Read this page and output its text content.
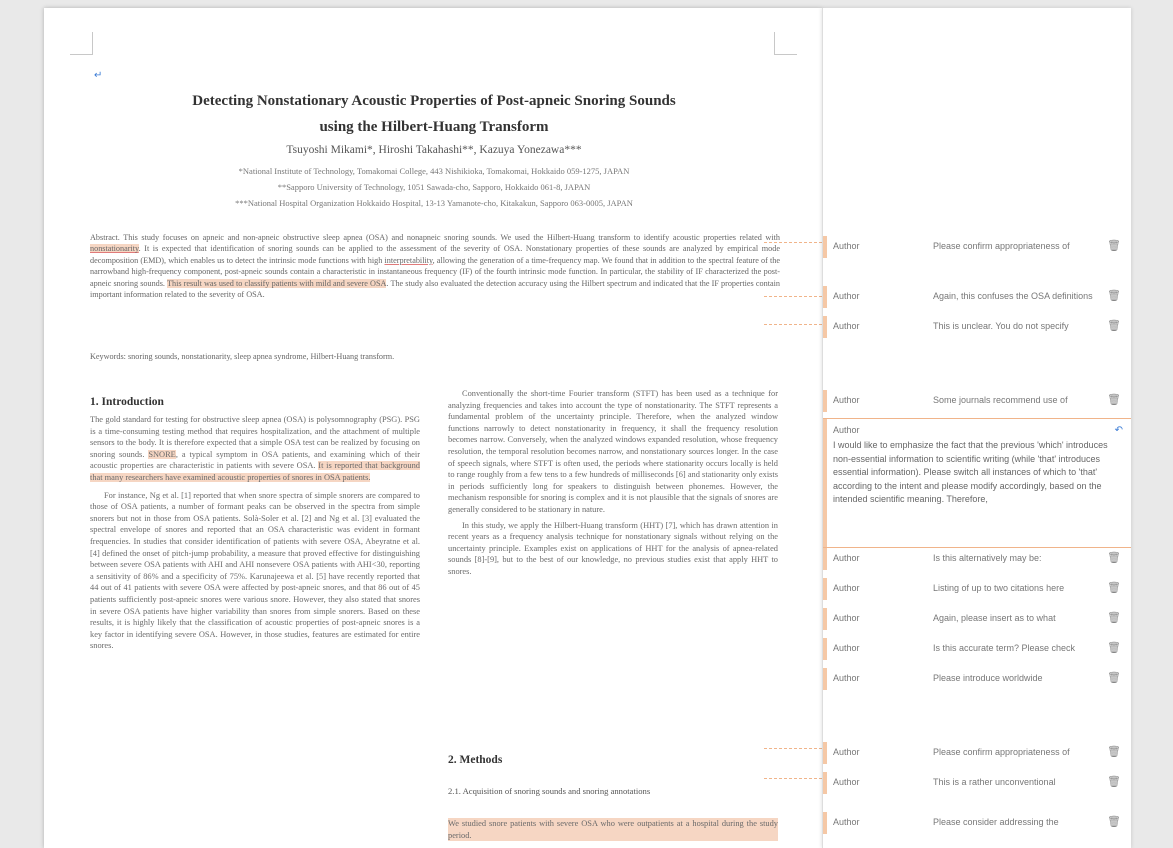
↵
Detecting Nonstationary Acoustic Properties of Post-apneic Snoring Sounds
using the Hilbert-Huang Transform
Tsuyoshi Mikami*, Hiroshi Takahashi**, Kazuya Yonezawa***
*National Institute of Technology, Tomakomai College, 443 Nishikioka, Tomakomai, Hokkaido 059-1275, JAPAN
**Sapporo University of Technology, 1051 Sawada-cho, Sapporo, Hokkaido 061-8, JAPAN
***National Hospital Organization Hokkaido Hospital, 13-13 Yamanote-cho, Kitakakun, Sapporo 063-0005, JAPAN
Abstract. This study focuses on apneic and non-apneic obstructive sleep apnea (OSA) and nonapneic snoring sounds. We used the Hilbert-Huang transform to identify acoustic properties related with nonstationarity. It is expected that identification of snoring sounds can be applied to the assessment of the severity of OSA. Nonstationary properties of these sounds are analyzed by empirical mode decomposition (EMD), which enables us to detect the intrinsic mode functions with high interpretability, allowing the generation of a time-frequency map. We found that in addition to the spectral feature of the narrowband high-frequency component, post-apneic sounds contain a characteristic in instantaneous frequency (IF) of the fourth intrinsic mode function. In particular, the stability of IF characterized the post-apneic snoring sounds. This result was used to classify patients with mild and severe OSA. The study also evaluated the detection accuracy using the Hilbert spectrum and indicated that the IF properties contain important information related to the severity of OSA.
Keywords: snoring sounds, nonstationarity, sleep apnea syndrome, Hilbert-Huang transform.
1. Introduction
The gold standard for testing for obstructive sleep apnea (OSA) is polysomnography (PSG). PSG is a time-consuming testing method that requires hospitalization, and the attachment of multiple sensors to the body. It is therefore expected that a simple OSA test can be realized by focusing on snoring sounds. SNORE, a typical symptom in OSA patients, and examining which of their acoustic properties are characteristic in patients with severe OSA. It is reported that background that many researchers have examined acoustic properties of snores in OSA patients.
For instance, Ng et al. [1] reported that when snore spectra of simple snorers are compared to those of OSA patients, a number of formant peaks can be observed in the spectra from simple snorers but not in those from OSA patients. Solà-Soler et al. [2] and Ng et al. [3] evaluated the spectral envelope of snores and reported that an OSA characteristic was evident in formant frequencies. In studies that consider identification of patients with severe OSA, Abeyratne et al. [4] defined the onset of pitch-jump probability, a measure that proved effective for distinguishing between severe OSA patients with AHI and AHI nonsevere OSA patients with AHI<30, reporting a sensitivity of 86% and a specificity of 75%. Karunajeewa et al. [5] have recently reported that 44 out of 41 patients with severe OSA were affected by post-apneic snores, and that 86 out of 45 patients sufficiently post-apneic snores were various snore. However, they also stated that snores in severe OSA patients have higher variability than snores from simple snorers. Based on these results, it is highly likely that the classification of acoustic properties of post-apneic snores is a key factor in identifying severe OSA. However, in those studies, features are estimated for entire snores.
Conventionally the short-time Fourier transform (STFT) has been used as a technique for analyzing frequencies and takes into account the type of nonstationarity. The STFT represents a fundamental problem of the uncertainty principle. Therefore, when the analyzed window functions narrowly to detect nonstationarity in frequency, it shall the frequency resolution becomes narrow. Conversely, when the analyzed windows expanded resolution, whose frequency resolution, the temporal resolution becomes narrow, and nonstationary sources longer. In the case of speech signals, where STFT is often used, the periods where stationarity occurs locally is held to range roughly from a few tens to a few hundreds of milliseconds [6] and stationarity only exists in periods sufficiently long for speakers to distinguish between phonemes. However, the mechanism responsible for snoring is complex and it is not plausible that the signals of snores are generally considered to be stationary in nature.
In this study, we apply the Hilbert-Huang transform (HHT) [7], which has drawn attention in recent years as a frequency analysis technique for nonstationary signals without relying on the uncertainty principle. Examples exist on applications of HHT for the analysis of apnea-related sounds [8]-[9], but to the best of our knowledge, no previous studies exist that apply HHT to snores.
2. Methods
2.1. Acquisition of snoring sounds and snoring annotations
We studied snore patients with severe OSA who were outpatients at a hospital during the study period.
Author	Please confirm appropriateness of	🗑
Author	Again, this confuses the OSA definitions	🗑
Author	This is unclear. You do not specify	🗑
Author	Some journals recommend use of	🗑
Author	↶
I would like to emphasize the fact that the previous 'which' introduces non-essential information to scientific writing (while 'that' introduces essential information). Please switch all instances of which to 'that' according to the intent and please modify accordingly, based on the intended scientific meaning. Therefore,
Author	Is this alternatively may be:	🗑
Author	Listing of up to two citations here	🗑
Author	Again, please insert as to what	🗑
Author	Is this accurate term? Please check	🗑
Author	Please introduce worldwide	🗑
Author	Please confirm appropriateness of	🗑
Author	This is a rather unconventional	🗑
Author	Please consider addressing the	🗑
